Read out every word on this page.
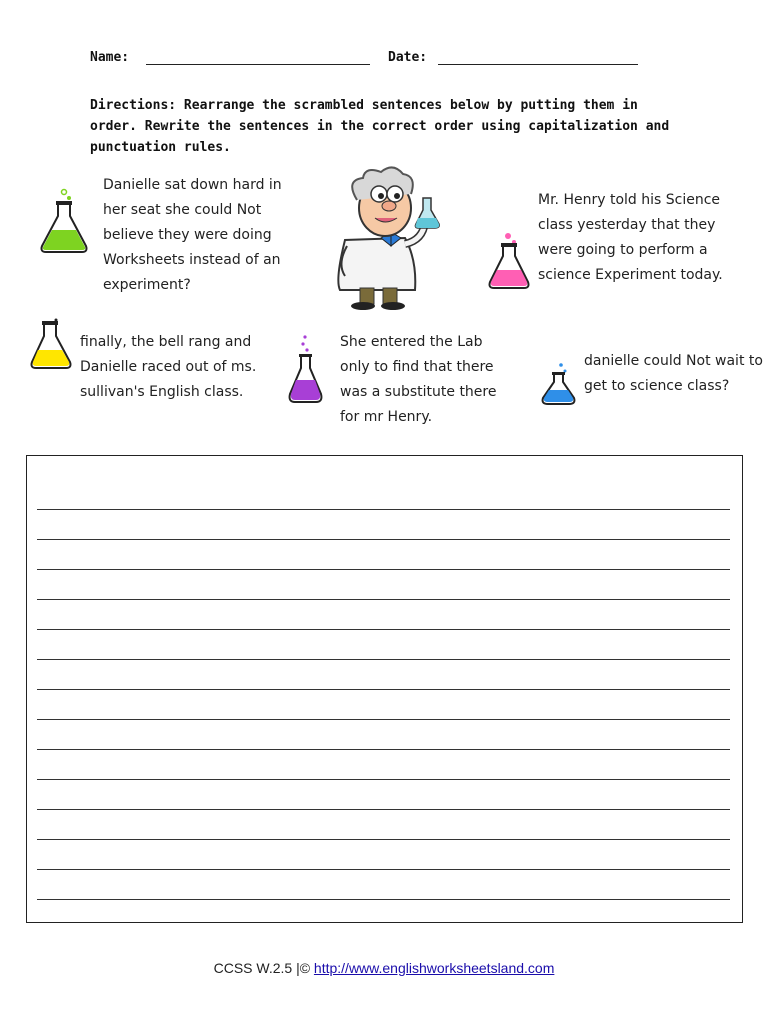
Name:	Date:
Directions: Rearrange the scrambled sentences below by putting them in
order. Rewrite the sentences in the correct order using capitalization and
punctuation rules.
Danielle sat down hard in
her seat she could Not
believe they were doing
Worksheets instead of an
experiment?
Mr. Henry told his Science
class yesterday that they
were going to perform a
science Experiment today.
finally, the bell rang and
Danielle raced out of ms.
sullivan's English class.
She entered the Lab
only to find that there
was a substitute there
for mr Henry.
danielle could Not wait to
get to science class?
CCSS W.2.5 |© http://www.englishworksheetsland.com
